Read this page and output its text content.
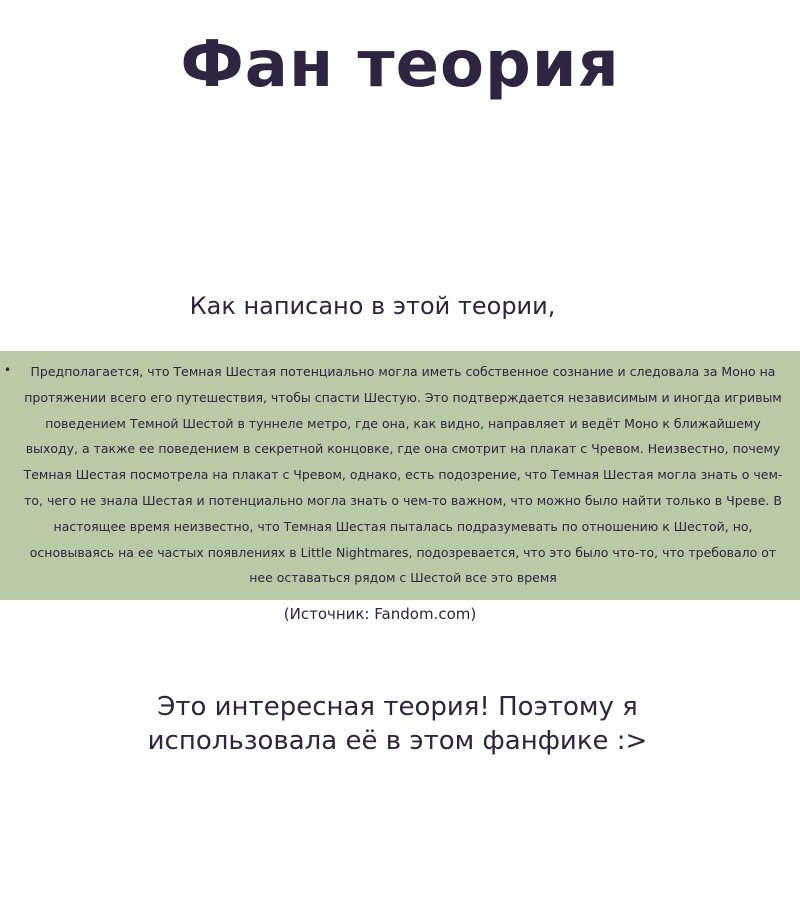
Фан теория
Как написано в этой теории,
•	Предполагается, что Темная Шестая потенциально могла иметь собственное сознание и следовала за Моно на протяжении всего его путешествия, чтобы спасти Шестую. Это подтверждается независимым и иногда игривым поведением Темной Шестой в туннеле метро, где она, как видно, направляет и ведёт Моно к ближайшему выходу, а также ее поведением в секретной концовке, где она смотрит на плакат с Чревом. Неизвестно, почему Темная Шестая посмотрела на плакат с Чревом, однако, есть подозрение, что Темная Шестая могла знать о чем-то, чего не знала Шестая и потенциально могла знать о чем-то важном, что можно было найти только в Чреве. В настоящее время неизвестно, что Темная Шестая пыталась подразумевать по отношению к Шестой, но, основываясь на ее частых появлениях в Little Nightmares, подозревается, что это было что-то, что требовало от нее оставаться рядом с Шестой все это время
(Источник: Fandom.com)
Это интересная теория! Поэтому я использовала её в этом фанфике :>
